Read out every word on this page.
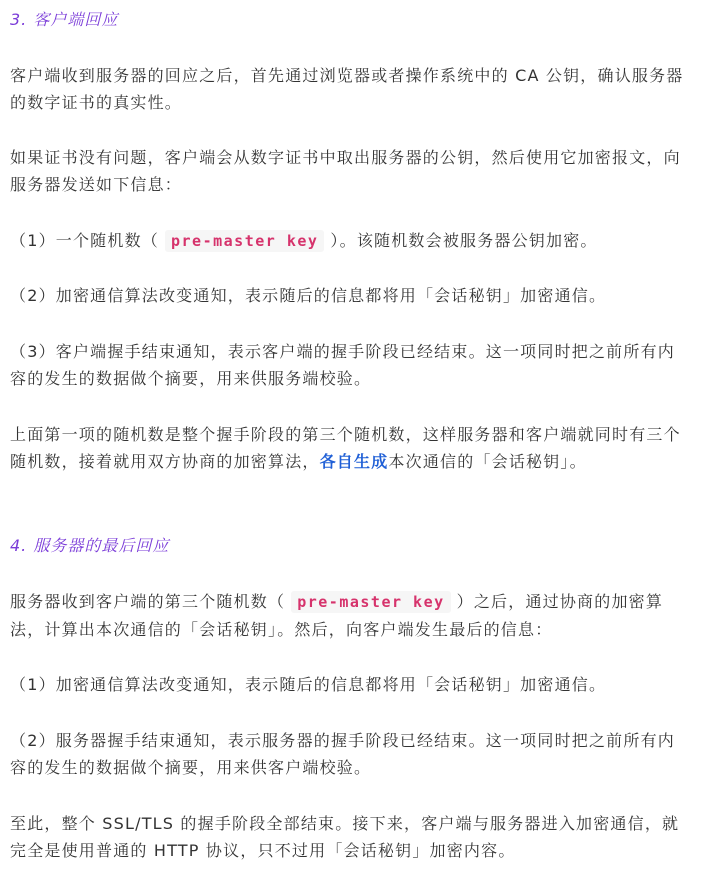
3. 客户端回应

客户端收到服务器的回应之后，首先通过浏览器或者操作系统中的 CA 公钥，确认服务器的数字证书的真实性。

如果证书没有问题，客户端会从数字证书中取出服务器的公钥，然后使用它加密报文，向服务器发送如下信息：

（1）一个随机数（ pre-master key ）。该随机数会被服务器公钥加密。

（2）加密通信算法改变通知，表示随后的信息都将用「会话秘钥」加密通信。

（3）客户端握手结束通知，表示客户端的握手阶段已经结束。这一项同时把之前所有内容的发生的数据做个摘要，用来供服务端校验。

上面第一项的随机数是整个握手阶段的第三个随机数，这样服务器和客户端就同时有三个随机数，接着就用双方协商的加密算法，各自生成本次通信的「会话秘钥」。

4. 服务器的最后回应

服务器收到客户端的第三个随机数（ pre-master key ）之后，通过协商的加密算法，计算出本次通信的「会话秘钥」。然后，向客户端发生最后的信息：

（1）加密通信算法改变通知，表示随后的信息都将用「会话秘钥」加密通信。

（2）服务器握手结束通知，表示服务器的握手阶段已经结束。这一项同时把之前所有内容的发生的数据做个摘要，用来供客户端校验。

至此，整个 SSL/TLS 的握手阶段全部结束。接下来，客户端与服务器进入加密通信，就完全是使用普通的 HTTP 协议，只不过用「会话秘钥」加密内容。
